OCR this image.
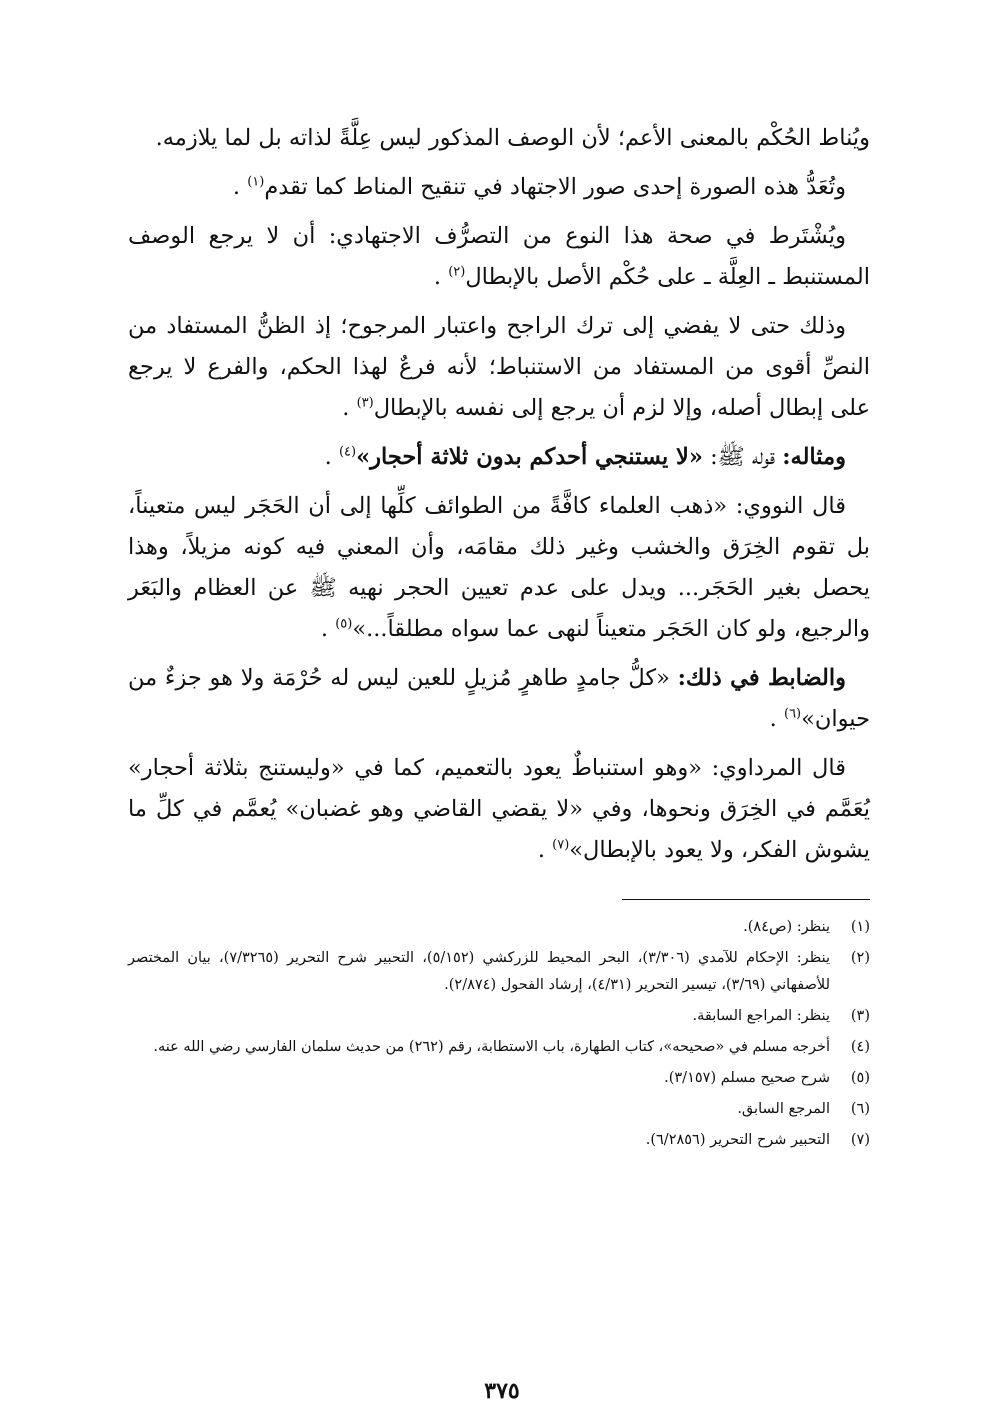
ويُناط الحُكْم بالمعنى الأعم؛ لأن الوصف المذكور ليس عِلَّةً لذاته بل لما يلازمه.

وتُعَدُّ هذه الصورة إحدى صور الاجتهاد في تنقيح المناط كما تقدم$^{(١)}$ .

ويُشْتَرط في صحة هذا النوع من التصرُّف الاجتهادي: أن لا يرجع الوصف المستنبط ـ العِلَّة ـ على حُكْم الأصل بالإبطال$^{(٢)}$ .

وذلك حتى لا يفضي إلى ترك الراجح واعتبار المرجوح؛ إذ الظنُّ المستفاد من النصِّ أقوى من المستفاد من الاستنباط؛ لأنه فرعٌ لهذا الحكم، والفرع لا يرجع على إبطال أصله، وإلا لزم أن يرجع إلى نفسه بالإبطال$^{(٣)}$ .

ومثاله: قوله ﷺ: «لا يستنجي أحدكم بدون ثلاثة أحجار»$^{(٤)}$ .

قال النووي: «ذهب العلماء كافَّةً من الطوائف كلِّها إلى أن الحَجَر ليس متعيناً، بل تقوم الخِرَق والخشب وغير ذلك مقامَه، وأن المعني فيه كونه مزيلاً، وهذا يحصل بغير الحَجَر... ويدل على عدم تعيين الحجر نهيه ﷺ عن العظام والبَعَر والرجيع، ولو كان الحَجَر متعيناً لنهى عما سواه مطلقاً...»$^{(٥)}$ .

والضابط في ذلك: «كلُّ جامدٍ طاهرٍ مُزيلٍ للعين ليس له حُرْمَة ولا هو جزءٌ من حيوان»$^{(٦)}$ .

قال المرداوي: «وهو استنباطٌ يعود بالتعميم، كما في «وليستنج بثلاثة أحجار» يُعَمَّم في الخِرَق ونحوها، وفي «لا يقضي القاضي وهو غضبان» يُعمَّم في كلِّ ما يشوش الفكر، ولا يعود بالإبطال»$^{(٧)}$ .

(١)
ينظر: (ص٨٤).
(٢)
ينظر: الإحكام للآمدي (٣/٣٠٦)، البحر المحيط للزركشي (٥/١٥٢)، التحبير شرح التحرير (٧/٣٢٦٥)، بيان المختصر للأصفهاني (٣/٦٩)، تيسير التحرير (٤/٣١)، إرشاد الفحول (٢/٨٧٤).
(٣)
ينظر: المراجع السابقة.
(٤)
أخرجه مسلم في «صحيحه»، كتاب الطهارة، باب الاستطابة، رقم (٢٦٢) من حديث سلمان الفارسي رضي الله عنه.
(٥)
شرح صحيح مسلم (٣/١٥٧).
(٦)
المرجع السابق.
(٧)
التحبير شرح التحرير (٦/٢٨٥٦).
٣٧٥
